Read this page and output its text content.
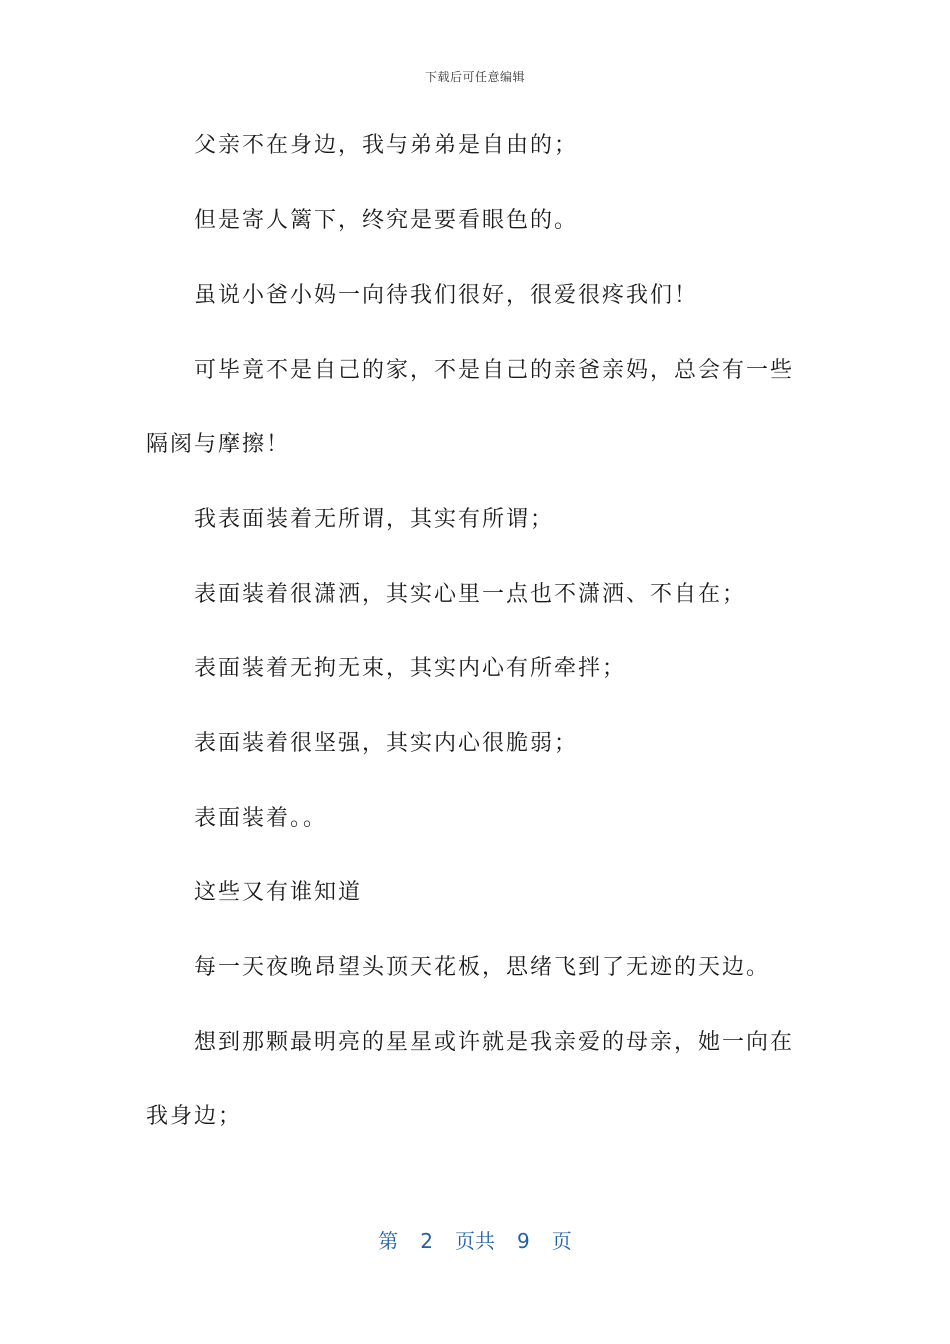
下载后可任意编辑
父亲不在身边，我与弟弟是自由的；
但是寄人篱下，终究是要看眼色的。
虽说小爸小妈一向待我们很好，很爱很疼我们！
可毕竟不是自己的家，不是自己的亲爸亲妈，总会有一些
隔阂与摩擦！
我表面装着无所谓，其实有所谓；
表面装着很潇洒，其实心里一点也不潇洒、不自在；
表面装着无拘无束，其实内心有所牵拌；
表面装着很坚强，其实内心很脆弱；
表面装着。。
这些又有谁知道
每一天夜晚昂望头顶天花板，思绪飞到了无迹的天边。
想到那颗最明亮的星星或许就是我亲爱的母亲，她一向在
我身边；
第 2 页共 9 页
